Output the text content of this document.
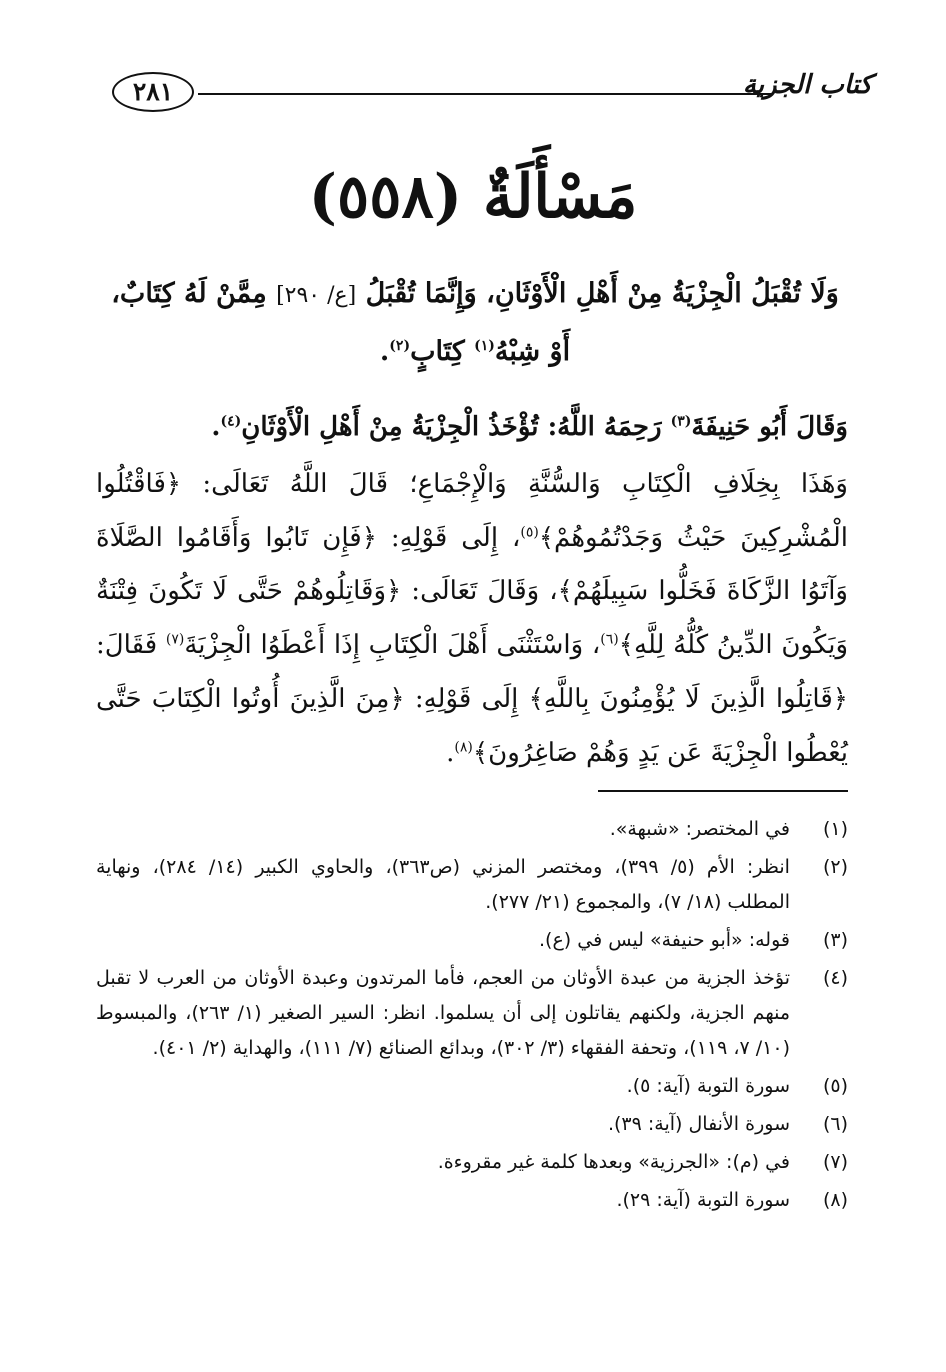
كتاب الجزية
٢٨١
مَسْأَلَةٌ (٥٥٨)
وَلَا تُقْبَلُ الْجِزْيَةُ مِنْ أَهْلِ الْأَوْثَانِ، وَإِنَّمَا تُقْبَلُ [ع/ ٢٩٠] مِمَّنْ لَهُ كِتَابٌ، أَوْ شِبْهُ$^{(١)}$ كِتَابٍ$^{(٢)}$.
وَقَالَ أَبُو حَنِيفَةَ$^{(٣)}$ رَحِمَهُ اللَّهُ: تُؤْخَذُ الْجِزْيَةُ مِنْ أَهْلِ الْأَوْثَانِ$^{(٤)}$.
وَهَذَا بِخِلَافِ الْكِتَابِ وَالسُّنَّةِ وَالْإِجْمَاعِ؛ قَالَ اللَّهُ تَعَالَى: ﴿فَاقْتُلُوا الْمُشْرِكِينَ حَيْثُ وَجَدْتُمُوهُمْ﴾$^{(٥)}$، إِلَى قَوْلِهِ: ﴿فَإِن تَابُوا وَأَقَامُوا الصَّلَاةَ وَآتَوُا الزَّكَاةَ فَخَلُّوا سَبِيلَهُمْ﴾، وَقَالَ تَعَالَى: ﴿وَقَاتِلُوهُمْ حَتَّى لَا تَكُونَ فِتْنَةٌ وَيَكُونَ الدِّينُ كُلُّهُ لِلَّهِ﴾$^{(٦)}$، وَاسْتَثْنَى أَهْلَ الْكِتَابِ إِذَا أَعْطَوُا الْجِزْيَةَ$^{(٧)}$ فَقَالَ: ﴿قَاتِلُوا الَّذِينَ لَا يُؤْمِنُونَ بِاللَّهِ﴾ إِلَى قَوْلِهِ: ﴿مِنَ الَّذِينَ أُوتُوا الْكِتَابَ حَتَّى يُعْطُوا الْجِزْيَةَ عَن يَدٍ وَهُمْ صَاغِرُونَ﴾$^{(٨)}$.
(١)
في المختصر: «شبهة».
(٢)
انظر: الأم (٥/ ٣٩٩)، ومختصر المزني (ص٣٦٣)، والحاوي الكبير (١٤/ ٢٨٤)، ونهاية المطلب (١٨/ ٧)، والمجموع (٢١/ ٢٧٧).
(٣)
قوله: «أبو حنيفة» ليس في (ع).
(٤)
تؤخذ الجزية من عبدة الأوثان من العجم، فأما المرتدون وعبدة الأوثان من العرب لا تقبل منهم الجزية، ولكنهم يقاتلون إلى أن يسلموا. انظر: السير الصغير (١/ ٢٦٣)، والمبسوط (١٠/ ٧، ١١٩)، وتحفة الفقهاء (٣/ ٣٠٢)، وبدائع الصنائع (٧/ ١١١)، والهداية (٢/ ٤٠١).
(٥)
سورة التوبة (آية: ٥).
(٦)
سورة الأنفال (آية: ٣٩).
(٧)
في (م): «الجرزية» وبعدها كلمة غير مقروءة.
(٨)
سورة التوبة (آية: ٢٩).
